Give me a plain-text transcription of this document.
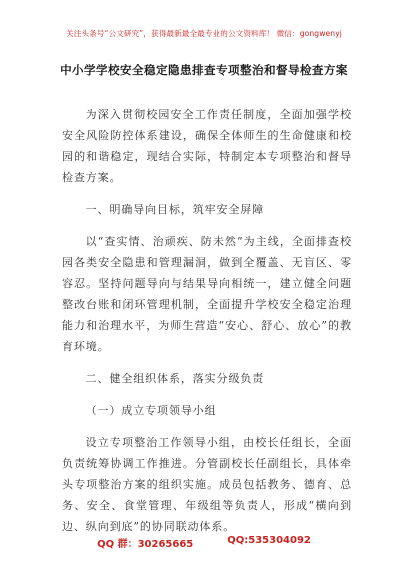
关注头条号“公文研究”，获得最新最全最专业的公文资料库！ 微信：gongwenyj
中小学学校安全稳定隐患排查专项整治和督导检查方案

为深入贯彻校园安全工作责任制度，全面加强学校安全风险防控体系建设，确保全体师生的生命健康和校园的和谐稳定，现结合实际，特制定本专项整治和督导检查方案。

一、明确导向目标，筑牢安全屏障

以“查实情、治顽疾、防未然”为主线，全面排查校园各类安全隐患和管理漏洞，做到全覆盖、无盲区、零容忍。坚持问题导向与结果导向相统一，建立健全问题整改台账和闭环管理机制，全面提升学校安全稳定治理能力和治理水平，为师生营造“安心、舒心、放心”的教育环境。

二、健全组织体系，落实分级负责

（一）成立专项领导小组

设立专项整治工作领导小组，由校长任组长，全面负责统筹协调工作推进。分管副校长任副组长，具体牵头专项整治方案的组织实施。成员包括教务、德育、总务、安全、食堂管理、年级组等负责人，形成“横向到边、纵向到底”的协同联动体系。

QQ 群：30265665	QQ:535304092
